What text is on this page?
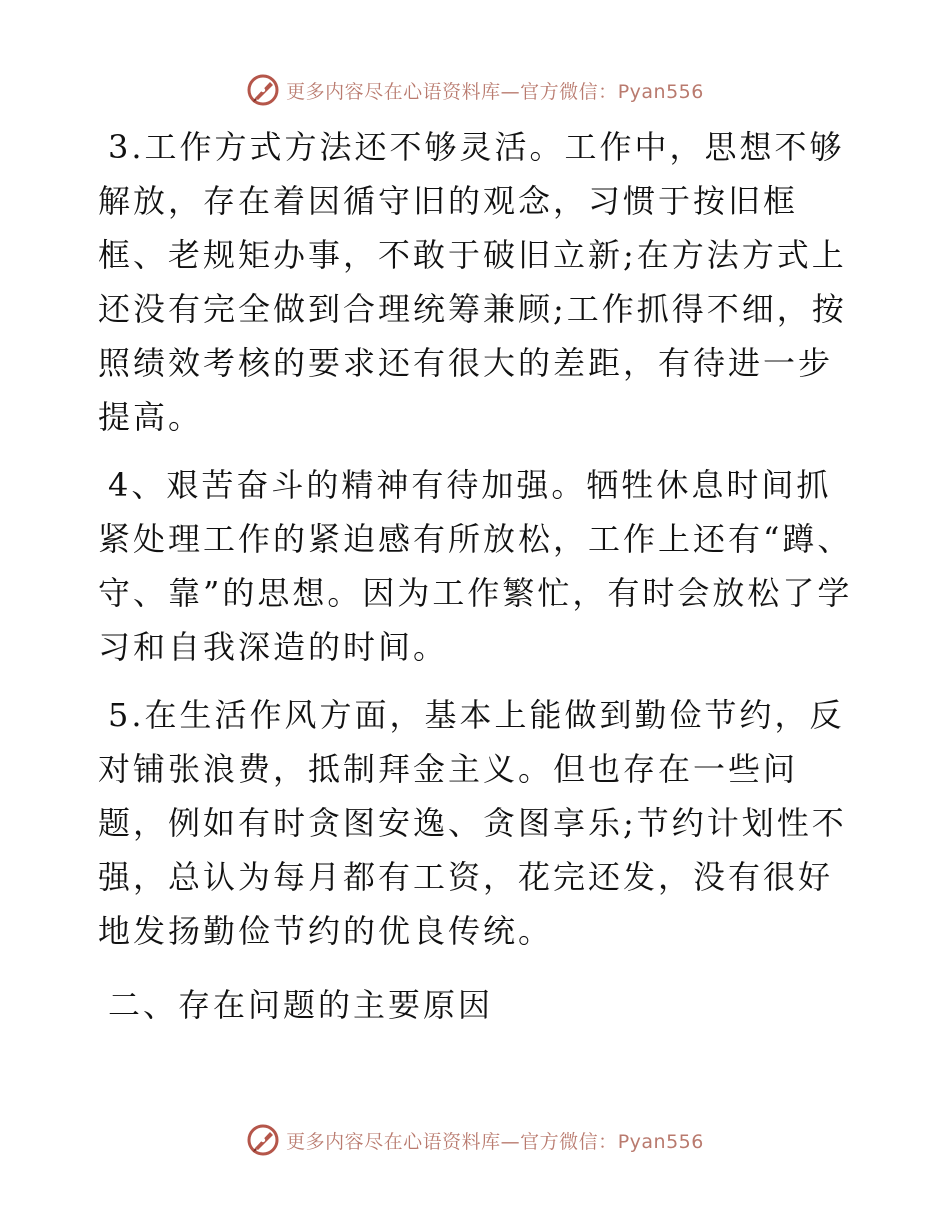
更多内容尽在心语资料库—官方微信：Pyan556

3.工作方式方法还不够灵活。工作中，思想不够解放，存在着因循守旧的观念，习惯于按旧框框、老规矩办事，不敢于破旧立新;在方法方式上还没有完全做到合理统筹兼顾;工作抓得不细，按照绩效考核的要求还有很大的差距，有待进一步提高。

4、艰苦奋斗的精神有待加强。牺牲休息时间抓紧处理工作的紧迫感有所放松，工作上还有“蹲、守、靠”的思想。因为工作繁忙，有时会放松了学习和自我深造的时间。

5.在生活作风方面，基本上能做到勤俭节约，反对铺张浪费，抵制拜金主义。但也存在一些问题，例如有时贪图安逸、贪图享乐;节约计划性不强，总认为每月都有工资，花完还发，没有很好地发扬勤俭节约的优良传统。

二、存在问题的主要原因

更多内容尽在心语资料库—官方微信：Pyan556
